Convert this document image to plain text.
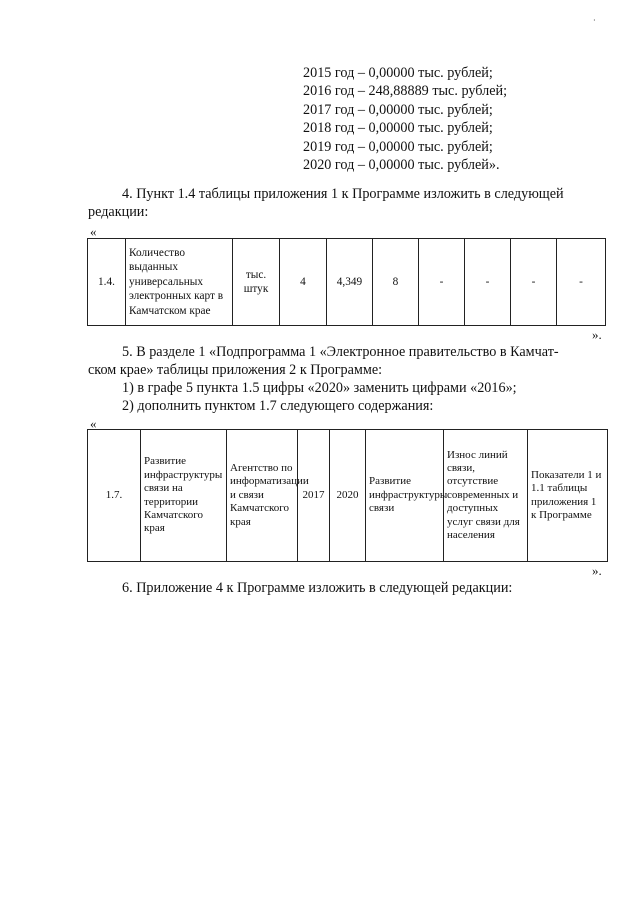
·
2015 год – 0,00000 тыс. рублей;
2016 год – 248,88889 тыс. рублей;
2017 год – 0,00000 тыс. рублей;
2018 год – 0,00000 тыс. рублей;
2019 год – 0,00000 тыс. рублей;
2020 год – 0,00000 тыс. рублей».
4. Пункт 1.4 таблицы приложения 1 к Программе изложить в следующей
редакции:
«
1.4.	Количество выданных универсальных электронных карт в Камчатском крае	тыс. штук	4	4,349	8	-	-	-	-
».
5. В разделе 1 «Подпрограмма 1 «Электронное правительство в Камчат-
ском крае» таблицы приложения 2 к Программе:
1) в графе 5 пункта 1.5 цифры «2020» заменить цифрами «2016»;
2) дополнить пунктом 1.7 следующего содержания:
«
1.7.	Развитие инфраструктуры связи на территории Камчатского края	Агентство по информатизации и связи Камчатского края	2017	2020	Развитие инфраструктуры связи	Износ линий связи, отсутствие современных и доступных услуг связи для населения	Показатели 1 и 1.1 таблицы приложения 1 к Программе
».
6. Приложение 4 к Программе изложить в следующей редакции:
